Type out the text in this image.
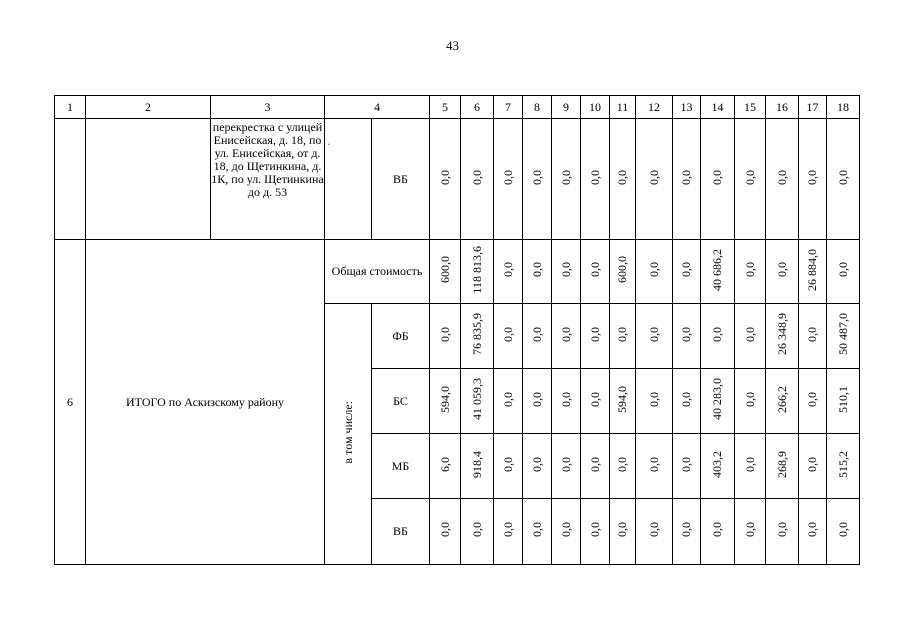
43
1	2	3	4		5	6	7	8	9	10	11	12	13	14	15	16	17	18
		перекрестка с улицей Енисейская, д. 18, по ул. Енисейская, от д. 18, до Щетинкина, д. 1К, по ул. Щетинкина до д. 53	·	ВБ	0,0	0,0	0,0	0,0	0,0	0,0	0,0	0,0	0,0	0,0	0,0	0,0	0,0	0,0
6	ИТОГО по Аскизскому району		Общая стоимость		600,0	118 813,6	0,0	0,0	0,0	0,0	600,0	0,0	0,0	40 686,2	0,0	0,0	26 884,0	0,0
			в том числе:	ФБ	0,0	76 835,9	0,0	0,0	0,0	0,0	0,0	0,0	0,0	0,0	0,0	26 348,9	0,0	50 487,0
				БС	594,0	41 059,3	0,0	0,0	0,0	0,0	594,0	0,0	0,0	40 283,0	0,0	266,2	0,0	510,1
				МБ	6,0	918,4	0,0	0,0	0,0	0,0	0,0	0,0	0,0	403,2	0,0	268,9	0,0	515,2
				ВБ	0,0	0,0	0,0	0,0	0,0	0,0	0,0	0,0	0,0	0,0	0,0	0,0	0,0	0,0
